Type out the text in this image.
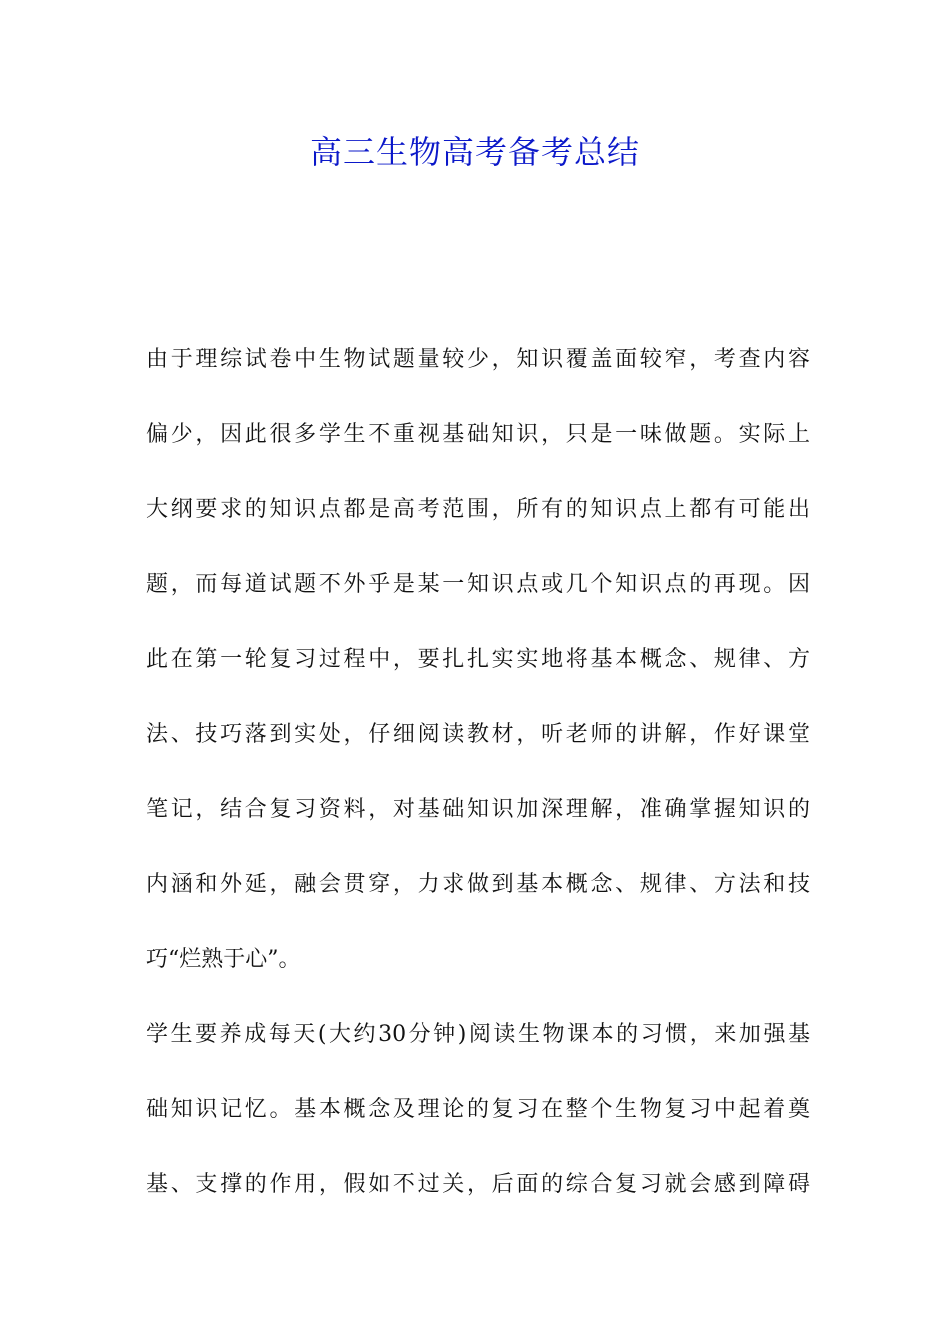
高三生物高考备考总结
由于理综试卷中生物试题量较少，知识覆盖面较窄，考查内容
偏少，因此很多学生不重视基础知识，只是一味做题。实际上
大纲要求的知识点都是高考范围，所有的知识点上都有可能出
题，而每道试题不外乎是某一知识点或几个知识点的再现。因
此在第一轮复习过程中，要扎扎实实地将基本概念、规律、方
法、技巧落到实处，仔细阅读教材，听老师的讲解，作好课堂
笔记，结合复习资料，对基础知识加深理解，准确掌握知识的
内涵和外延，融会贯穿，力求做到基本概念、规律、方法和技
巧“烂熟于心”。
学生要养成每天(大约30分钟)阅读生物课本的习惯，来加强基
础知识记忆。基本概念及理论的复习在整个生物复习中起着奠
基、支撑的作用，假如不过关，后面的综合复习就会感到障碍
